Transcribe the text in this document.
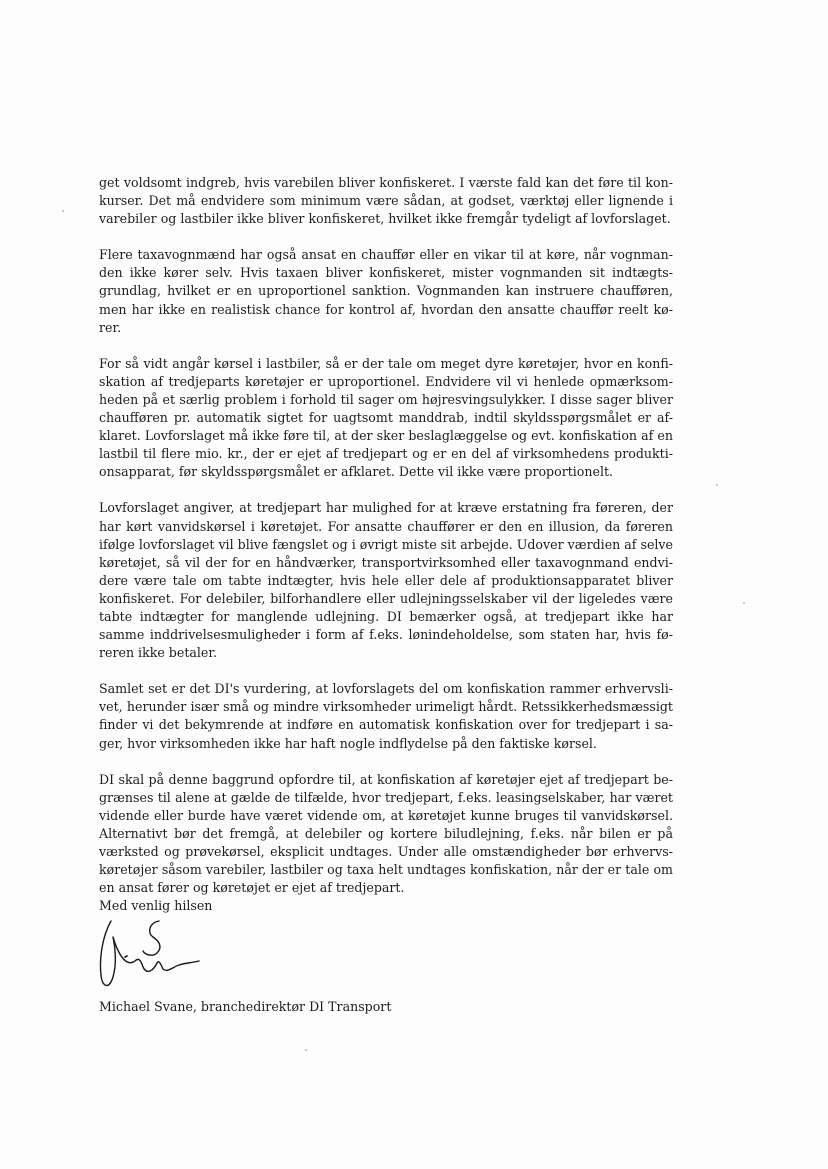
get voldsomt indgreb, hvis varebilen bliver konfiskeret. I værste fald kan det føre til kon-
kurser. Det må endvidere som minimum være sådan, at godset, værktøj eller lignende i
varebiler og lastbiler ikke bliver konfiskeret, hvilket ikke fremgår tydeligt af lovforslaget.

Flere taxavognmænd har også ansat en chauffør eller en vikar til at køre, når vognman-
den ikke kører selv. Hvis taxaen bliver konfiskeret, mister vognmanden sit indtægts-
grundlag, hvilket er en uproportionel sanktion. Vognmanden kan instruere chaufføren,
men har ikke en realistisk chance for kontrol af, hvordan den ansatte chauffør reelt kø-
rer.

For så vidt angår kørsel i lastbiler, så er der tale om meget dyre køretøjer, hvor en konfi-
skation af tredjeparts køretøjer er uproportionel. Endvidere vil vi henlede opmærksom-
heden på et særlig problem i forhold til sager om højresvingsulykker. I disse sager bliver
chaufføren pr. automatik sigtet for uagtsomt manddrab, indtil skyldsspørgsmålet er af-
klaret. Lovforslaget må ikke føre til, at der sker beslaglæggelse og evt. konfiskation af en
lastbil til flere mio. kr., der er ejet af tredjepart og er en del af virksomhedens produkti-
onsapparat, før skyldsspørgsmålet er afklaret. Dette vil ikke være proportionelt.

Lovforslaget angiver, at tredjepart har mulighed for at kræve erstatning fra føreren, der
har kørt vanvidskørsel i køretøjet. For ansatte chauffører er den en illusion, da føreren
ifølge lovforslaget vil blive fængslet og i øvrigt miste sit arbejde. Udover værdien af selve
køretøjet, så vil der for en håndværker, transportvirksomhed eller taxavognmand endvi-
dere være tale om tabte indtægter, hvis hele eller dele af produktionsapparatet bliver
konfiskeret. For delebiler, bilforhandlere eller udlejningsselskaber vil der ligeledes være
tabte indtægter for manglende udlejning. DI bemærker også, at tredjepart ikke har
samme inddrivelsesmuligheder i form af f.eks. lønindeholdelse, som staten har, hvis fø-
reren ikke betaler.

Samlet set er det DI's vurdering, at lovforslagets del om konfiskation rammer erhvervsli-
vet, herunder især små og mindre virksomheder urimeligt hårdt. Retssikkerhedsmæssigt
finder vi det bekymrende at indføre en automatisk konfiskation over for tredjepart i sa-
ger, hvor virksomheden ikke har haft nogle indflydelse på den faktiske kørsel.

DI skal på denne baggrund opfordre til, at konfiskation af køretøjer ejet af tredjepart be-
grænses til alene at gælde de tilfælde, hvor tredjepart, f.eks. leasingselskaber, har været
vidende eller burde have været vidende om, at køretøjet kunne bruges til vanvidskørsel.
Alternativt bør det fremgå, at delebiler og kortere biludlejning, f.eks. når bilen er på
værksted og prøvekørsel, eksplicit undtages. Under alle omstændigheder bør erhvervs-
køretøjer såsom varebiler, lastbiler og taxa helt undtages konfiskation, når der er tale om
en ansat fører og køretøjet er ejet af tredjepart.

Med venlig hilsen

Michael Svane, branchedirektør DI Transport
